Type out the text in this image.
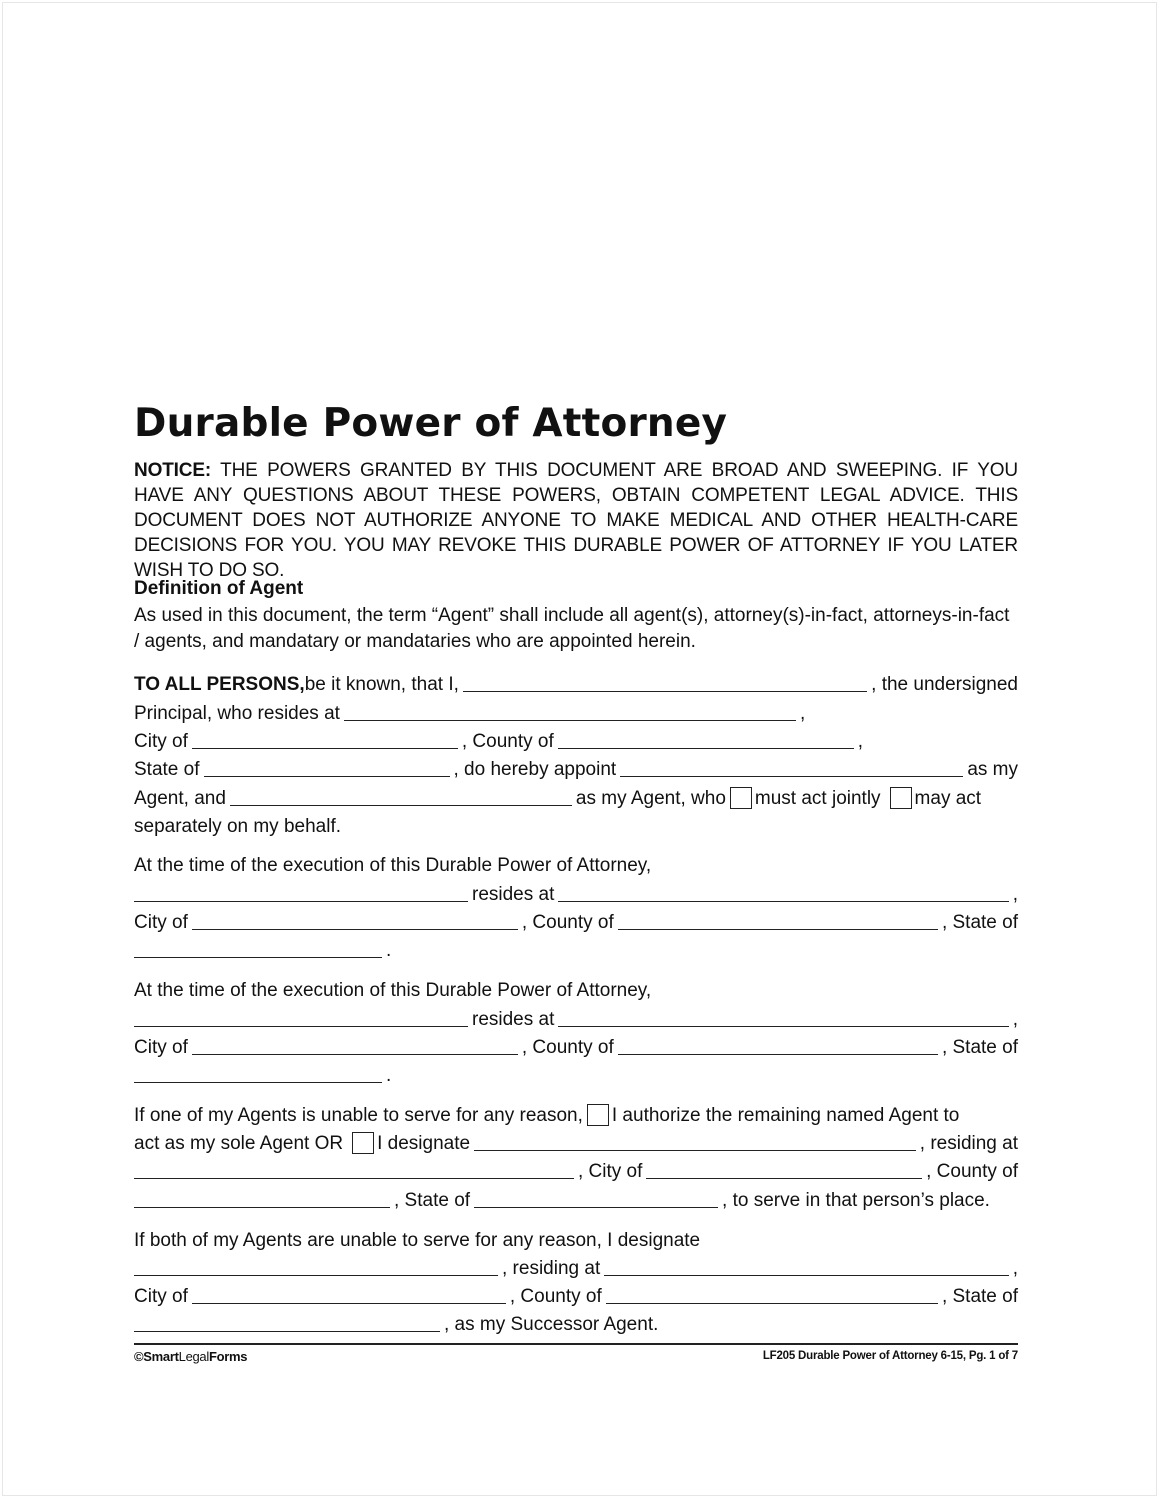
Durable Power of Attorney
NOTICE: THE POWERS GRANTED BY THIS DOCUMENT ARE BROAD AND SWEEPING. IF YOU HAVE ANY QUESTIONS ABOUT THESE POWERS, OBTAIN COMPETENT LEGAL ADVICE. THIS DOCUMENT DOES NOT AUTHORIZE ANYONE TO MAKE MEDICAL AND OTHER HEALTH-CARE DECISIONS FOR YOU. YOU MAY REVOKE THIS DURABLE POWER OF ATTORNEY IF YOU LATER WISH TO DO SO.
Definition of Agent
As used in this document, the term “Agent” shall include all agent(s), attorney(s)-in-fact, attorneys-in-fact / agents, and mandatary or mandataries who are appointed herein.
TO ALL PERSONS, be it known, that I,	, the undersigned
Principal, who resides at	,
City of	, County of	,
State of	, do hereby appoint	as my
Agent, and	as my Agent, who must act jointly may act
separately on my behalf.
At the time of the execution of this Durable Power of Attorney,
resides at	,
City of	, County of	, State of
.
At the time of the execution of this Durable Power of Attorney,
resides at	,
City of	, County of	, State of
.
If one of my Agents is unable to serve for any reason, I authorize the remaining named Agent to
act as my sole Agent OR I designate	, residing at
, City of	, County of
, State of	, to serve in that person’s place.
If both of my Agents are unable to serve for any reason, I designate
, residing at	,
City of	, County of	, State of
, as my Successor Agent.
©SmartLegalForms	LF205 Durable Power of Attorney 6-15, Pg. 1 of 7
